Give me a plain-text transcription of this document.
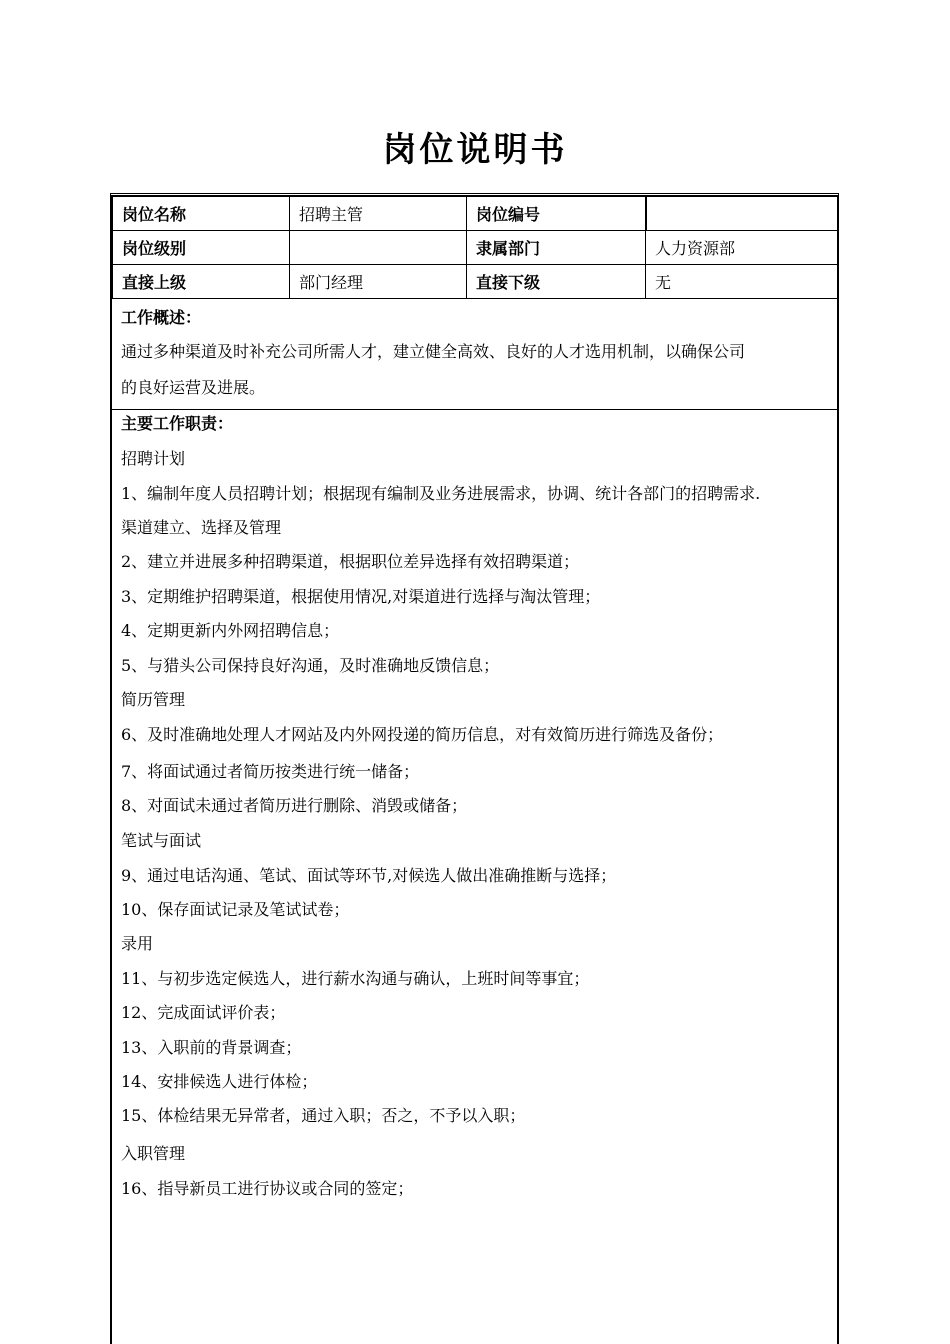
岗位说明书
岗位名称	招聘主管	岗位编号	
岗位级别		隶属部门	人力资源部
直接上级	部门经理	直接下级	无
工作概述：
通过多种渠道及时补充公司所需人才，建立健全高效、良好的人才选用机制，以确保公司
的良好运营及进展。
主要工作职责：
招聘计划
1、编制年度人员招聘计划；根据现有编制及业务进展需求，协调、统计各部门的招聘需求.
渠道建立、选择及管理
2、建立并进展多种招聘渠道，根据职位差异选择有效招聘渠道；
3、定期维护招聘渠道，根据使用情况,对渠道进行选择与淘汰管理；
4、定期更新内外网招聘信息；
5、与猎头公司保持良好沟通，及时准确地反馈信息；
简历管理
6、及时准确地处理人才网站及内外网投递的简历信息，对有效简历进行筛选及备份；
7、将面试通过者简历按类进行统一储备；
8、对面试未通过者简历进行删除、消毁或储备；
笔试与面试
9、通过电话沟通、笔试、面试等环节,对候选人做出准确推断与选择；
10、保存面试记录及笔试试卷；
录用
11、与初步选定候选人，进行薪水沟通与确认，上班时间等事宜；
12、完成面试评价表；
13、入职前的背景调查；
14、安排候选人进行体检；
15、体检结果无异常者，通过入职；否之，不予以入职；
入职管理
16、指导新员工进行协议或合同的签定；
